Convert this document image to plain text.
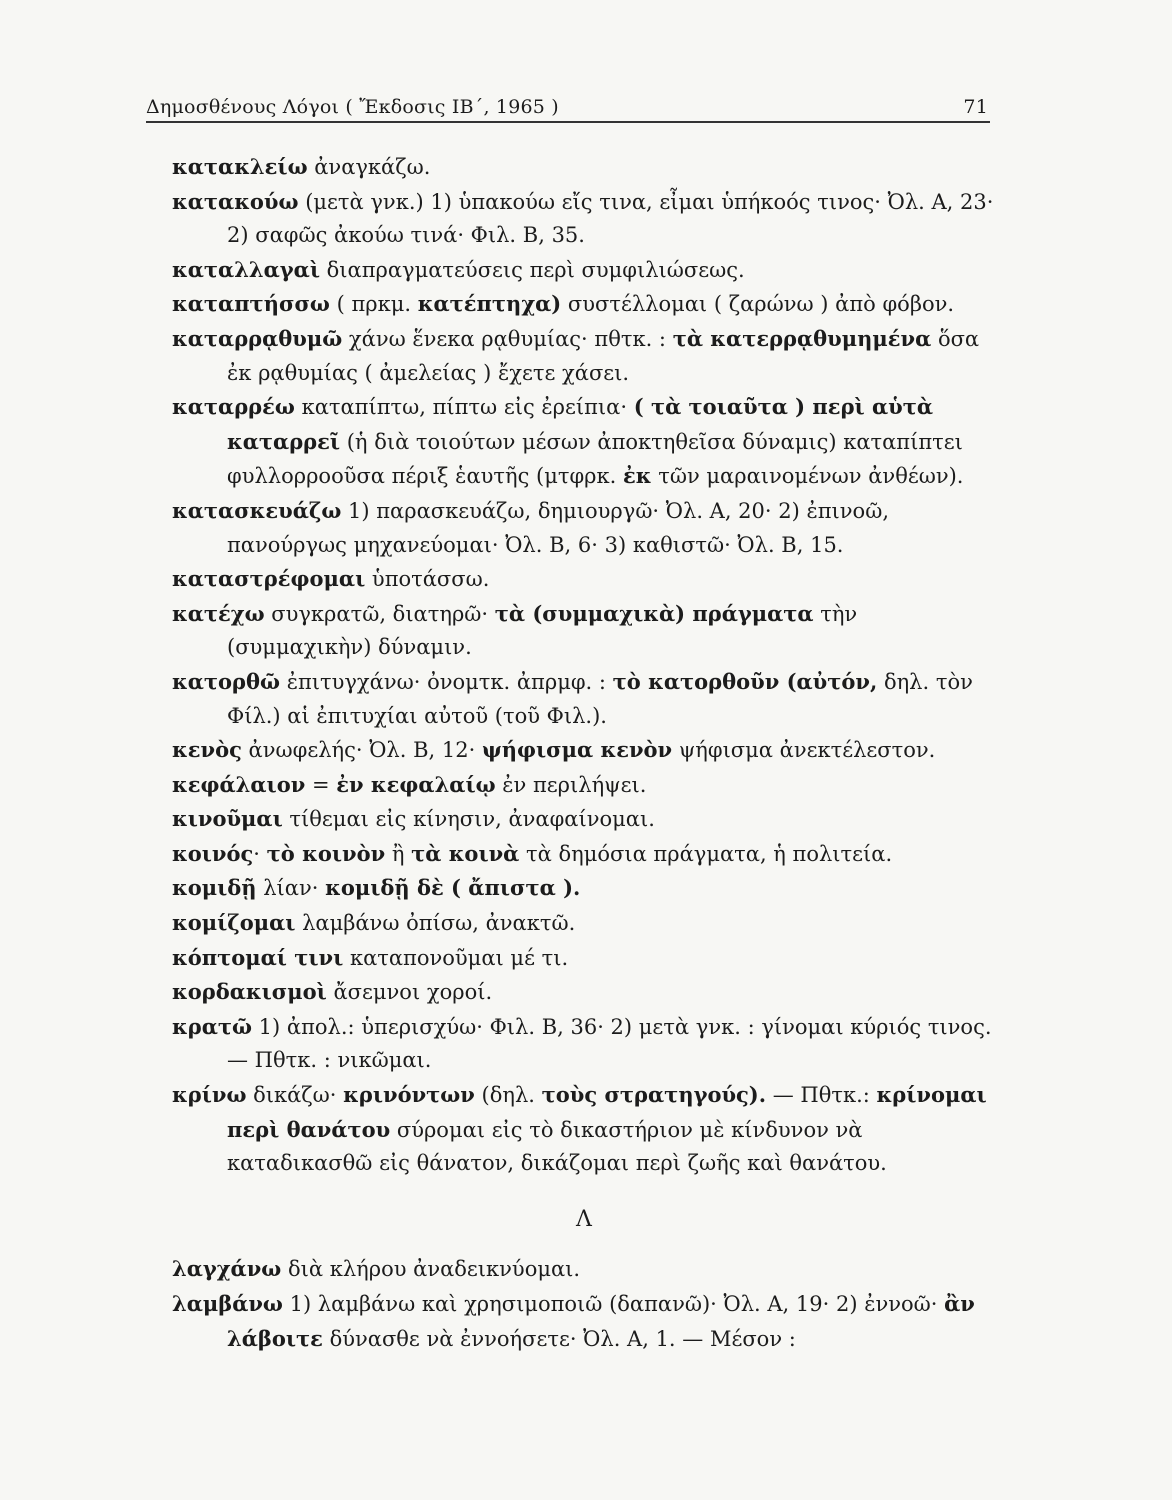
Δημοσθένους Λόγοι ( Ἔκδοσις ΙΒ΄, 1965 )	71

κατακλείω ἀναγκάζω.

κατακούω (μετὰ γνκ.) 1) ὑπακούω εἴς τινα, εἶμαι ὑπήκοός τινος· Ὀλ. Α, 23· 2) σαφῶς ἀκούω τινά· Φιλ. Β, 35.

καταλλαγαὶ διαπραγματεύσεις περὶ συμφιλιώσεως.

καταπτήσσω ( πρκμ. κατέπτηχα) συστέλλομαι ( ζαρώνω ) ἀπὸ φόβον.

καταρρᾳθυμῶ χάνω ἕνεκα ρᾳθυμίας· πθτκ. : τὰ κατερρᾳθυμημένα ὅσα ἐκ ρᾳθυμίας ( ἀμελείας ) ἔχετε χάσει.

καταρρέω καταπίπτω, πίπτω εἰς ἐρείπια· ( τὰ τοιαῦτα ) περὶ αὑτὰ καταρρεῖ (ἡ διὰ τοιούτων μέσων ἀποκτηθεῖσα δύναμις) καταπίπτει φυλλορροοῦσα πέριξ ἑαυτῆς (μτφρκ. ἐκ τῶν μαραινομένων ἀνθέων).

κατασκευάζω 1) παρασκευάζω, δημιουργῶ· Ὀλ. Α, 20· 2) ἐπινοῶ, πανούργως μηχανεύομαι· Ὀλ. Β, 6· 3) καθιστῶ· Ὀλ. Β, 15.

καταστρέφομαι ὑποτάσσω.

κατέχω συγκρατῶ, διατηρῶ· τὰ (συμμαχικὰ) πράγματα τὴν (συμμαχικὴν) δύναμιν.

κατορθῶ ἐπιτυγχάνω· ὀνομτκ. ἀπρμφ. : τὸ κατορθοῦν (αὐτόν, δηλ. τὸν Φίλ.) αἱ ἐπιτυχίαι αὐτοῦ (τοῦ Φιλ.).

κενὸς ἀνωφελής· Ὀλ. Β, 12· ψήφισμα κενὸν ψήφισμα ἀνεκτέλεστον.

κεφάλαιον = ἐν κεφαλαίῳ ἐν περιλήψει.

κινοῦμαι τίθεμαι εἰς κίνησιν, ἀναφαίνομαι.

κοινός· τὸ κοινὸν ἢ τὰ κοινὰ τὰ δημόσια πράγματα, ἡ πολιτεία.

κομιδῇ λίαν· κομιδῇ δὲ ( ἄπιστα ).

κομίζομαι λαμβάνω ὀπίσω, ἀνακτῶ.

κόπτομαί τινι καταπονοῦμαι μέ τι.

κορδακισμοὶ ἄσεμνοι χοροί.

κρατῶ 1) ἀπολ.: ὑπερισχύω· Φιλ. Β, 36· 2) μετὰ γνκ. : γίνομαι κύριός τινος. — Πθτκ. : νικῶμαι.

κρίνω δικάζω· κρινόντων (δηλ. τοὺς στρατηγούς). — Πθτκ.: κρίνομαι περὶ θανάτου σύρομαι εἰς τὸ δικαστήριον μὲ κίνδυνον νὰ καταδικασθῶ εἰς θάνατον, δικάζομαι περὶ ζωῆς καὶ θανάτου.

Λ

λαγχάνω διὰ κλήρου ἀναδεικνύομαι.

λαμβάνω 1) λαμβάνω καὶ χρησιμοποιῶ (δαπανῶ)· Ὀλ. Α, 19· 2) ἐννοῶ· ἂν λάβοιτε δύνασθε νὰ ἐννοήσετε· Ὀλ. Α, 1. — Μέσον :
